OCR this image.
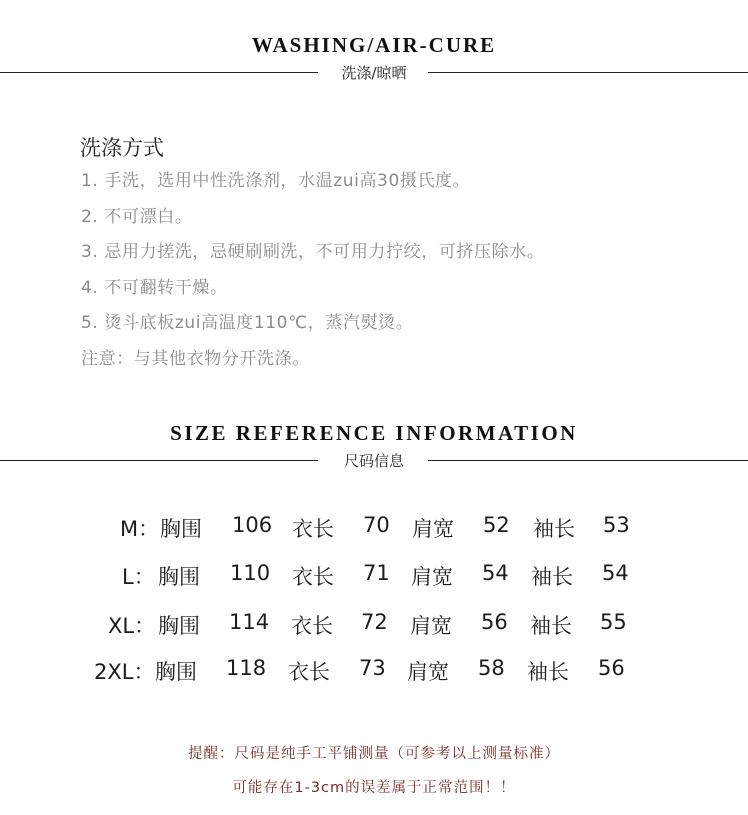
WASHING/AIR-CURE
洗涤/晾晒
洗涤方式
1. 手洗，选用中性洗涤剂，水温zui高30摄氏度。
2. 不可漂白。
3. 忌用力搓洗，忌硬刷刷洗，不可用力拧绞，可挤压除水。
4. 不可翻转干燥。
5. 烫斗底板zui高温度110℃，蒸汽熨烫。
注意：与其他衣物分开洗涤。
SIZE REFERENCE INFORMATION
尺码信息
M： 胸围 106 衣长 70 肩宽 52 袖长 53
L： 胸围 110 衣长 71 肩宽 54 袖长 54
XL： 胸围 114 衣长 72 肩宽 56 袖长 55
2XL： 胸围 118 衣长 73 肩宽 58 袖长 56
提醒：尺码是纯手工平铺测量（可参考以上测量标准）
可能存在1-3cm的误差属于正常范围！！
